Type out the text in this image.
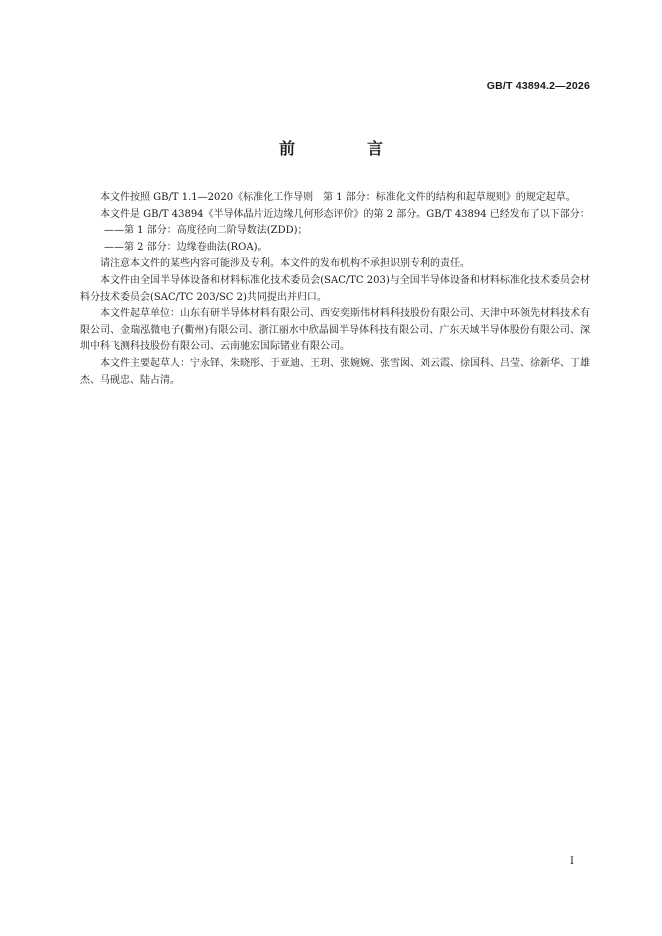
GB/T 43894.2—2026
前　言

本文件按照 GB/T 1.1—2020《标准化工作导则　第 1 部分：标准化文件的结构和起草规则》的规定起草。

本文件是 GB/T 43894《半导体晶片近边缘几何形态评价》的第 2 部分。GB/T 43894 已经发布了以下部分：

——第 1 部分：高度径向二阶导数法(ZDD)；

——第 2 部分：边缘卷曲法(ROA)。

请注意本文件的某些内容可能涉及专利。本文件的发布机构不承担识别专利的责任。

本文件由全国半导体设备和材料标准化技术委员会(SAC/TC 203)与全国半导体设备和材料标准化技术委员会材料分技术委员会(SAC/TC 203/SC 2)共同提出并归口。

本文件起草单位：山东有研半导体材料有限公司、西安奕斯伟材料科技股份有限公司、天津中环领先材料技术有限公司、金瑞泓微电子(衢州)有限公司、浙江丽水中欣晶圆半导体科技有限公司、广东天域半导体股份有限公司、深圳中科飞测科技股份有限公司、云南驰宏国际锗业有限公司。

本文件主要起草人：宁永铎、朱晓彤、于亚迪、王玥、张婉婉、张雪囡、刘云霞、徐国科、吕莹、徐新华、丁雄杰、马砚忠、陆占清。

I
